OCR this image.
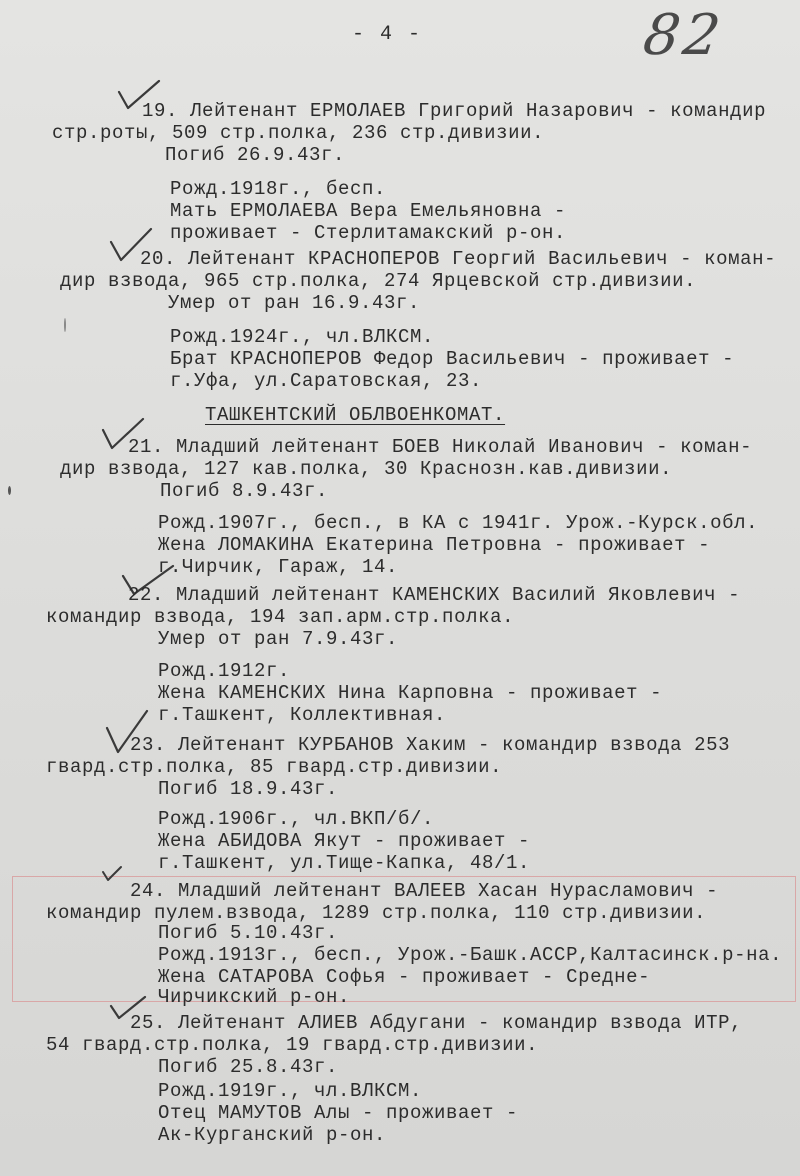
- 4 -	82
19. Лейтенант ЕРМОЛАЕВ Григорий Назарович - командир
стр.роты, 509 стр.полка, 236 стр.дивизии.
Погиб 26.9.43г.
Рожд.1918г., бесп.
Мать ЕРМОЛАЕВА Вера Емельяновна -
проживает - Стерлитамакский р-он.
20. Лейтенант КРАСНОПЕРОВ Георгий Васильевич - коман-
дир взвода, 965 стр.полка, 274 Ярцевской стр.дивизии.
Умер от ран 16.9.43г.
Рожд.1924г., чл.ВЛКСМ.
Брат КРАСНОПЕРОВ Федор Васильевич - проживает -
г.Уфа, ул.Саратовская, 23.
ТАШКЕНТСКИЙ ОБЛВОЕНКОМАТ.
21. Младший лейтенант БОЕВ Николай Иванович - коман-
дир взвода, 127 кав.полка, 30 Краснозн.кав.дивизии.
Погиб 8.9.43г.
Рожд.1907г., бесп., в КА с 1941г. Урож.-Курск.обл.
Жена ЛОМАКИНА Екатерина Петровна - проживает -
г.Чирчик, Гараж, 14.
22. Младший лейтенант КАМЕНСКИХ Василий Яковлевич -
командир взвода, 194 зап.арм.стр.полка.
Умер от ран 7.9.43г.
Рожд.1912г.
Жена КАМЕНСКИХ Нина Карповна - проживает -
г.Ташкент, Коллективная.
23. Лейтенант КУРБАНОВ Хаким - командир взвода 253
гвард.стр.полка, 85 гвард.стр.дивизии.
Погиб 18.9.43г.
Рожд.1906г., чл.ВКП/б/.
Жена АБИДОВА Якут - проживает -
г.Ташкент, ул.Тище-Капка, 48/1.
24. Младший лейтенант ВАЛЕЕВ Хасан Нурасламович -
командир пулем.взвода, 1289 стр.полка, 110 стр.дивизии.
Погиб 5.10.43г.
Рожд.1913г., бесп., Урож.-Башк.АССР,Калтасинск.р-на.
Жена САТАРОВА Софья - проживает - Средне-
Чирчикский р-он.
25. Лейтенант АЛИЕВ Абдугани - командир взвода ИТР,
54 гвард.стр.полка, 19 гвард.стр.дивизии.
Погиб 25.8.43г.
Рожд.1919г., чл.ВЛКСМ.
Отец МАМУТОВ Алы - проживает -
Ак-Курганский р-он.
